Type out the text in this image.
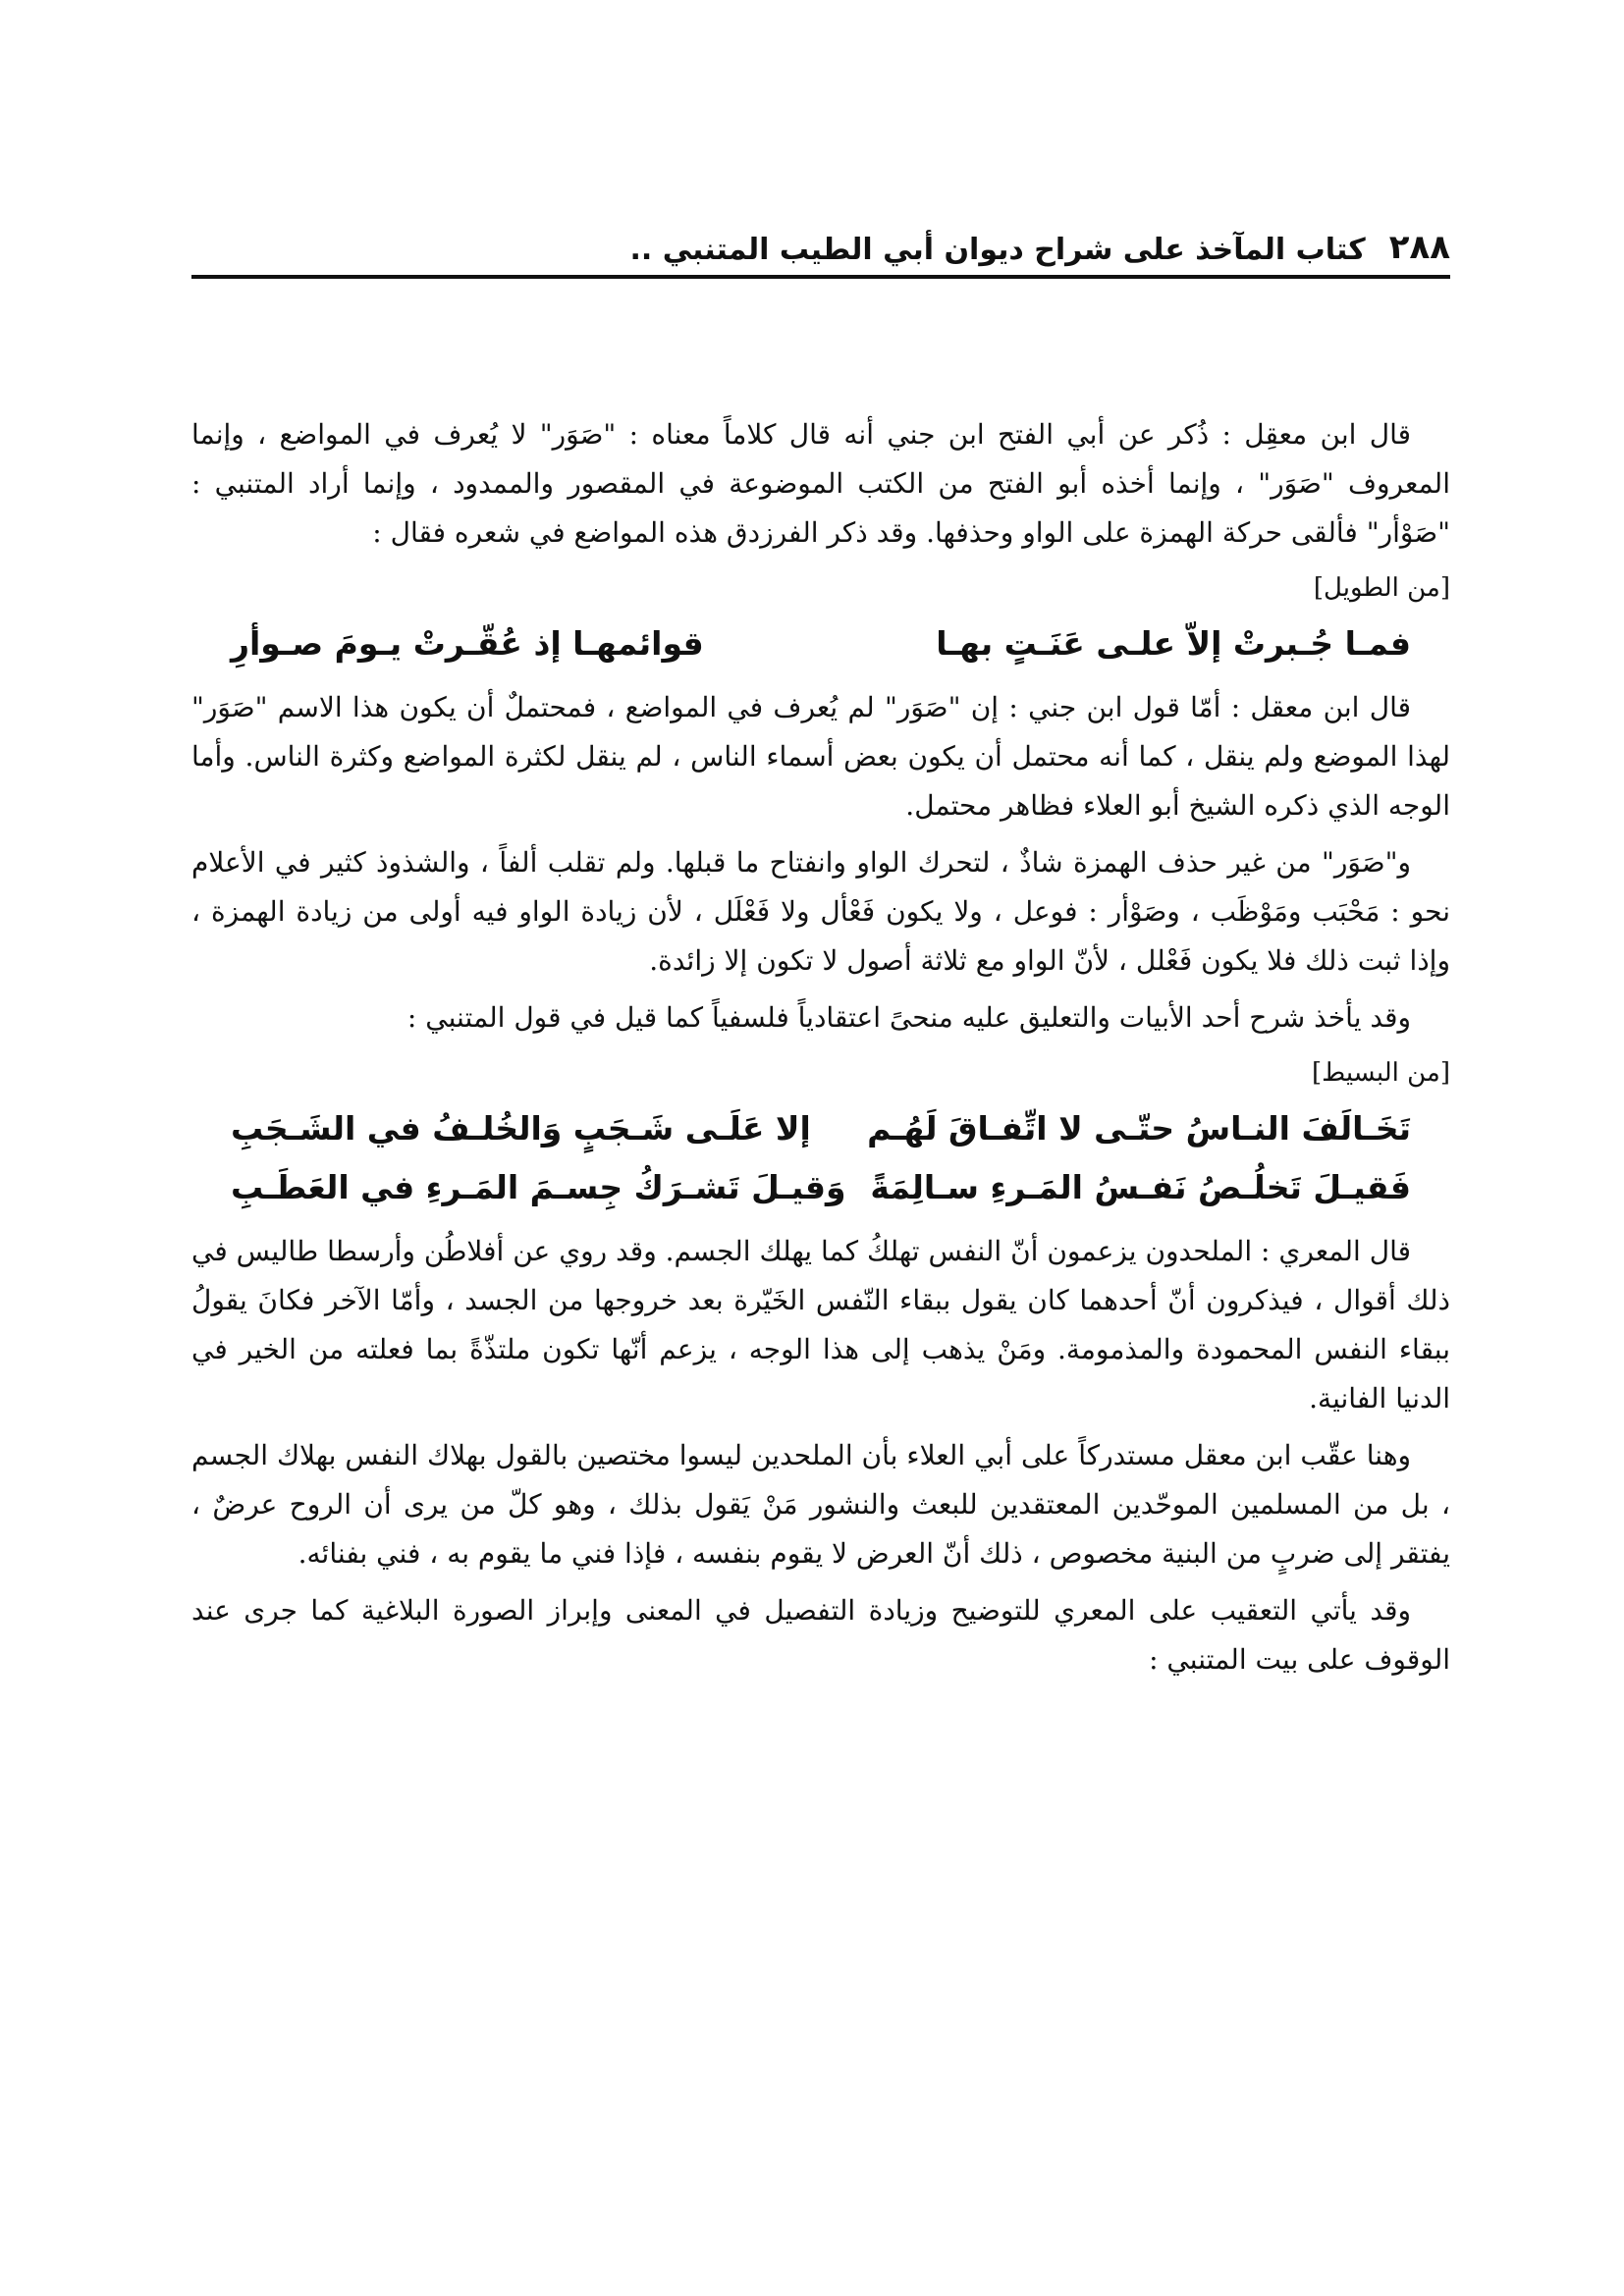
٢٨٨
كتاب المآخذ على شراح ديوان أبي الطيب المتنبي ..

قال ابن معقِل : ذُكر عن أبي الفتح ابن جني أنه قال كلاماً معناه : "صَوَر" لا يُعرف في المواضع ، وإنما المعروف "صَوَر" ، وإنما أخذه أبو الفتح من الكتب الموضوعة في المقصور والممدود ، وإنما أراد المتنبي : "صَوْأر" فألقى حركة الهمزة على الواو وحذفها. وقد ذكر الفرزدق هذه المواضع في شعره فقال :

[من الطويل]
فمـا جُـبرتْ إلاّ علـى عَنَـتٍ بهـا
قوائمهـا إذ عُقّـرتْ يـومَ صـوأرِ

قال ابن معقل : أمّا قول ابن جني : إن "صَوَر" لم يُعرف في المواضع ، فمحتملٌ أن يكون هذا الاسم "صَوَر" لهذا الموضع ولم ينقل ، كما أنه محتمل أن يكون بعض أسماء الناس ، لم ينقل لكثرة المواضع وكثرة الناس. وأما الوجه الذي ذكره الشيخ أبو العلاء فظاهر محتمل.

و"صَوَر" من غير حذف الهمزة شاذٌ ، لتحرك الواو وانفتاح ما قبلها. ولم تقلب ألفاً ، والشذوذ كثير في الأعلام نحو : مَحْبَب ومَوْظَب ، وصَوْأر : فوعل ، ولا يكون فَعْأل ولا فَعْلَل ، لأن زيادة الواو فيه أولى من زيادة الهمزة ، وإذا ثبت ذلك فلا يكون فَعْلل ، لأنّ الواو مع ثلاثة أصول لا تكون إلا زائدة.

وقد يأخذ شرح أحد الأبيات والتعليق عليه منحىً اعتقادياً فلسفياً كما قيل في قول المتنبي :

[من البسيط]
تَخَـالَفَ النـاسُ حتّـى لا اتِّفـاقَ لَهُـم
إلا عَلَـى شَـجَبٍ وَالخُلـفُ في الشَـجَبِ
فَقيـلَ تَخلُـصُ نَفـسُ المَـرءِ سـالِمَةً
وَقيـلَ تَشـرَكُ جِسـمَ المَـرءِ في العَطَـبِ

قال المعري : الملحدون يزعمون أنّ النفس تهلكُ كما يهلك الجسم. وقد روي عن أفلاطُن وأرسطا طاليس في ذلك أقوال ، فيذكرون أنّ أحدهما كان يقول ببقاء النّفس الخَيّرة بعد خروجها من الجسد ، وأمّا الآخر فكانَ يقولُ ببقاء النفس المحمودة والمذمومة. ومَنْ يذهب إلى هذا الوجه ، يزعم أنّها تكون ملتذّةً بما فعلته من الخير في الدنيا الفانية.

وهنا عقّب ابن معقل مستدركاً على أبي العلاء بأن الملحدين ليسوا مختصين بالقول بهلاك النفس بهلاك الجسم ، بل من المسلمين الموحّدين المعتقدين للبعث والنشور مَنْ يَقول بذلك ، وهو كلّ من يرى أن الروح عرضٌ ، يفتقر إلى ضربٍ من البنية مخصوص ، ذلك أنّ العرض لا يقوم بنفسه ، فإذا فني ما يقوم به ، فني بفنائه.

وقد يأتي التعقيب على المعري للتوضيح وزيادة التفصيل في المعنى وإبراز الصورة البلاغية كما جرى عند الوقوف على بيت المتنبي :
